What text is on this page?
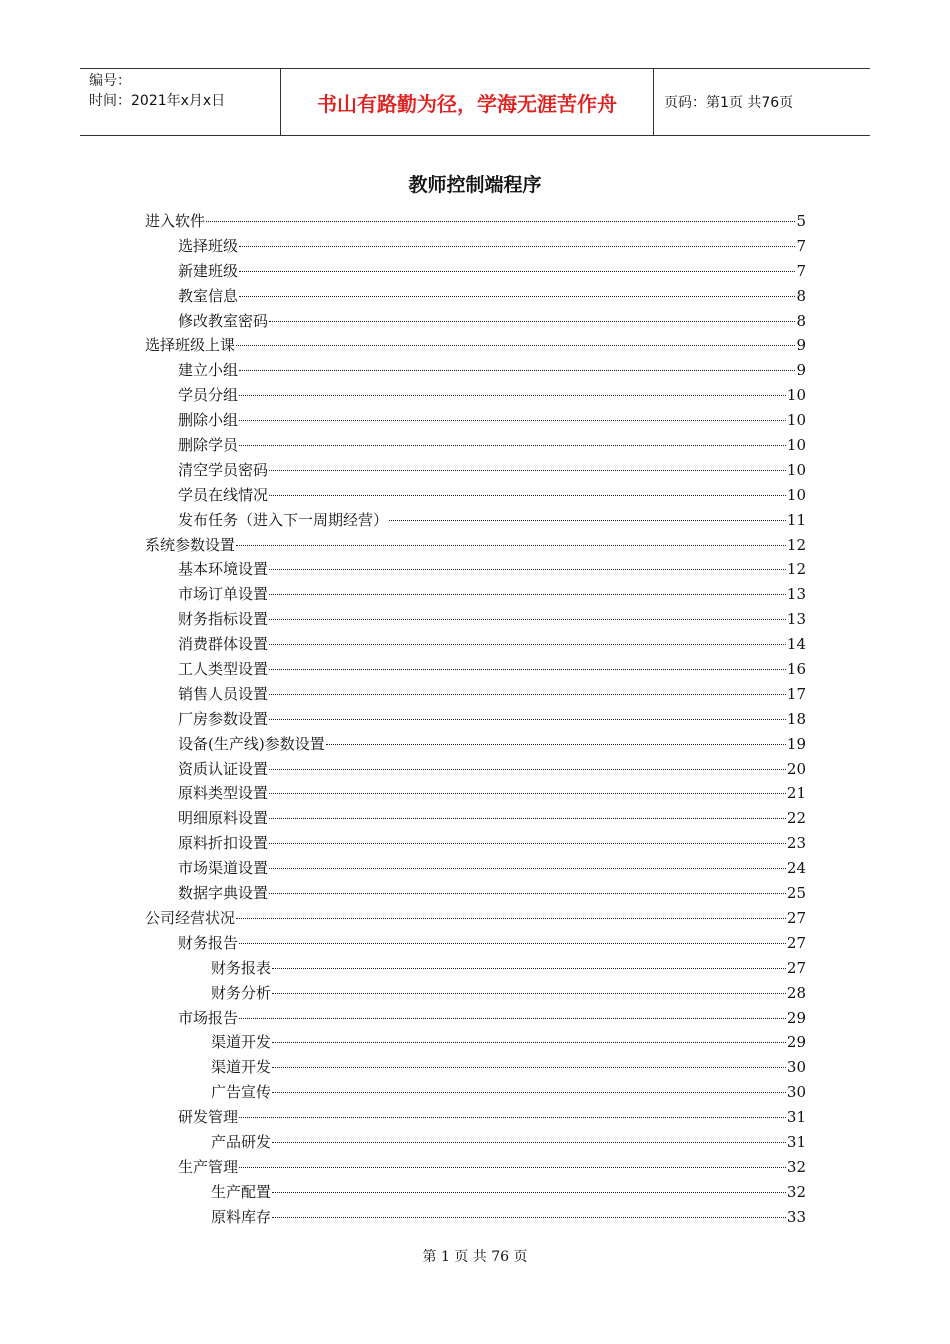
编号：
时间：2021年x月x日	书山有路勤为径，学海无涯苦作舟	页码：第1页 共76页
教师控制端程序
进入软件	5
选择班级	7
新建班级	7
教室信息	8
修改教室密码	8
选择班级上课	9
建立小组	9
学员分组	10
删除小组	10
删除学员	10
清空学员密码	10
学员在线情况	10
发布任务（进入下一周期经营）	11
系统参数设置	12
基本环境设置	12
市场订单设置	13
财务指标设置	13
消费群体设置	14
工人类型设置	16
销售人员设置	17
厂房参数设置	18
设备(生产线)参数设置	19
资质认证设置	20
原料类型设置	21
明细原料设置	22
原料折扣设置	23
市场渠道设置	24
数据字典设置	25
公司经营状况	27
财务报告	27
财务报表	27
财务分析	28
市场报告	29
渠道开发	29
渠道开发	30
广告宣传	30
研发管理	31
产品研发	31
生产管理	32
生产配置	32
原料库存	33
第 1 页 共 76 页
